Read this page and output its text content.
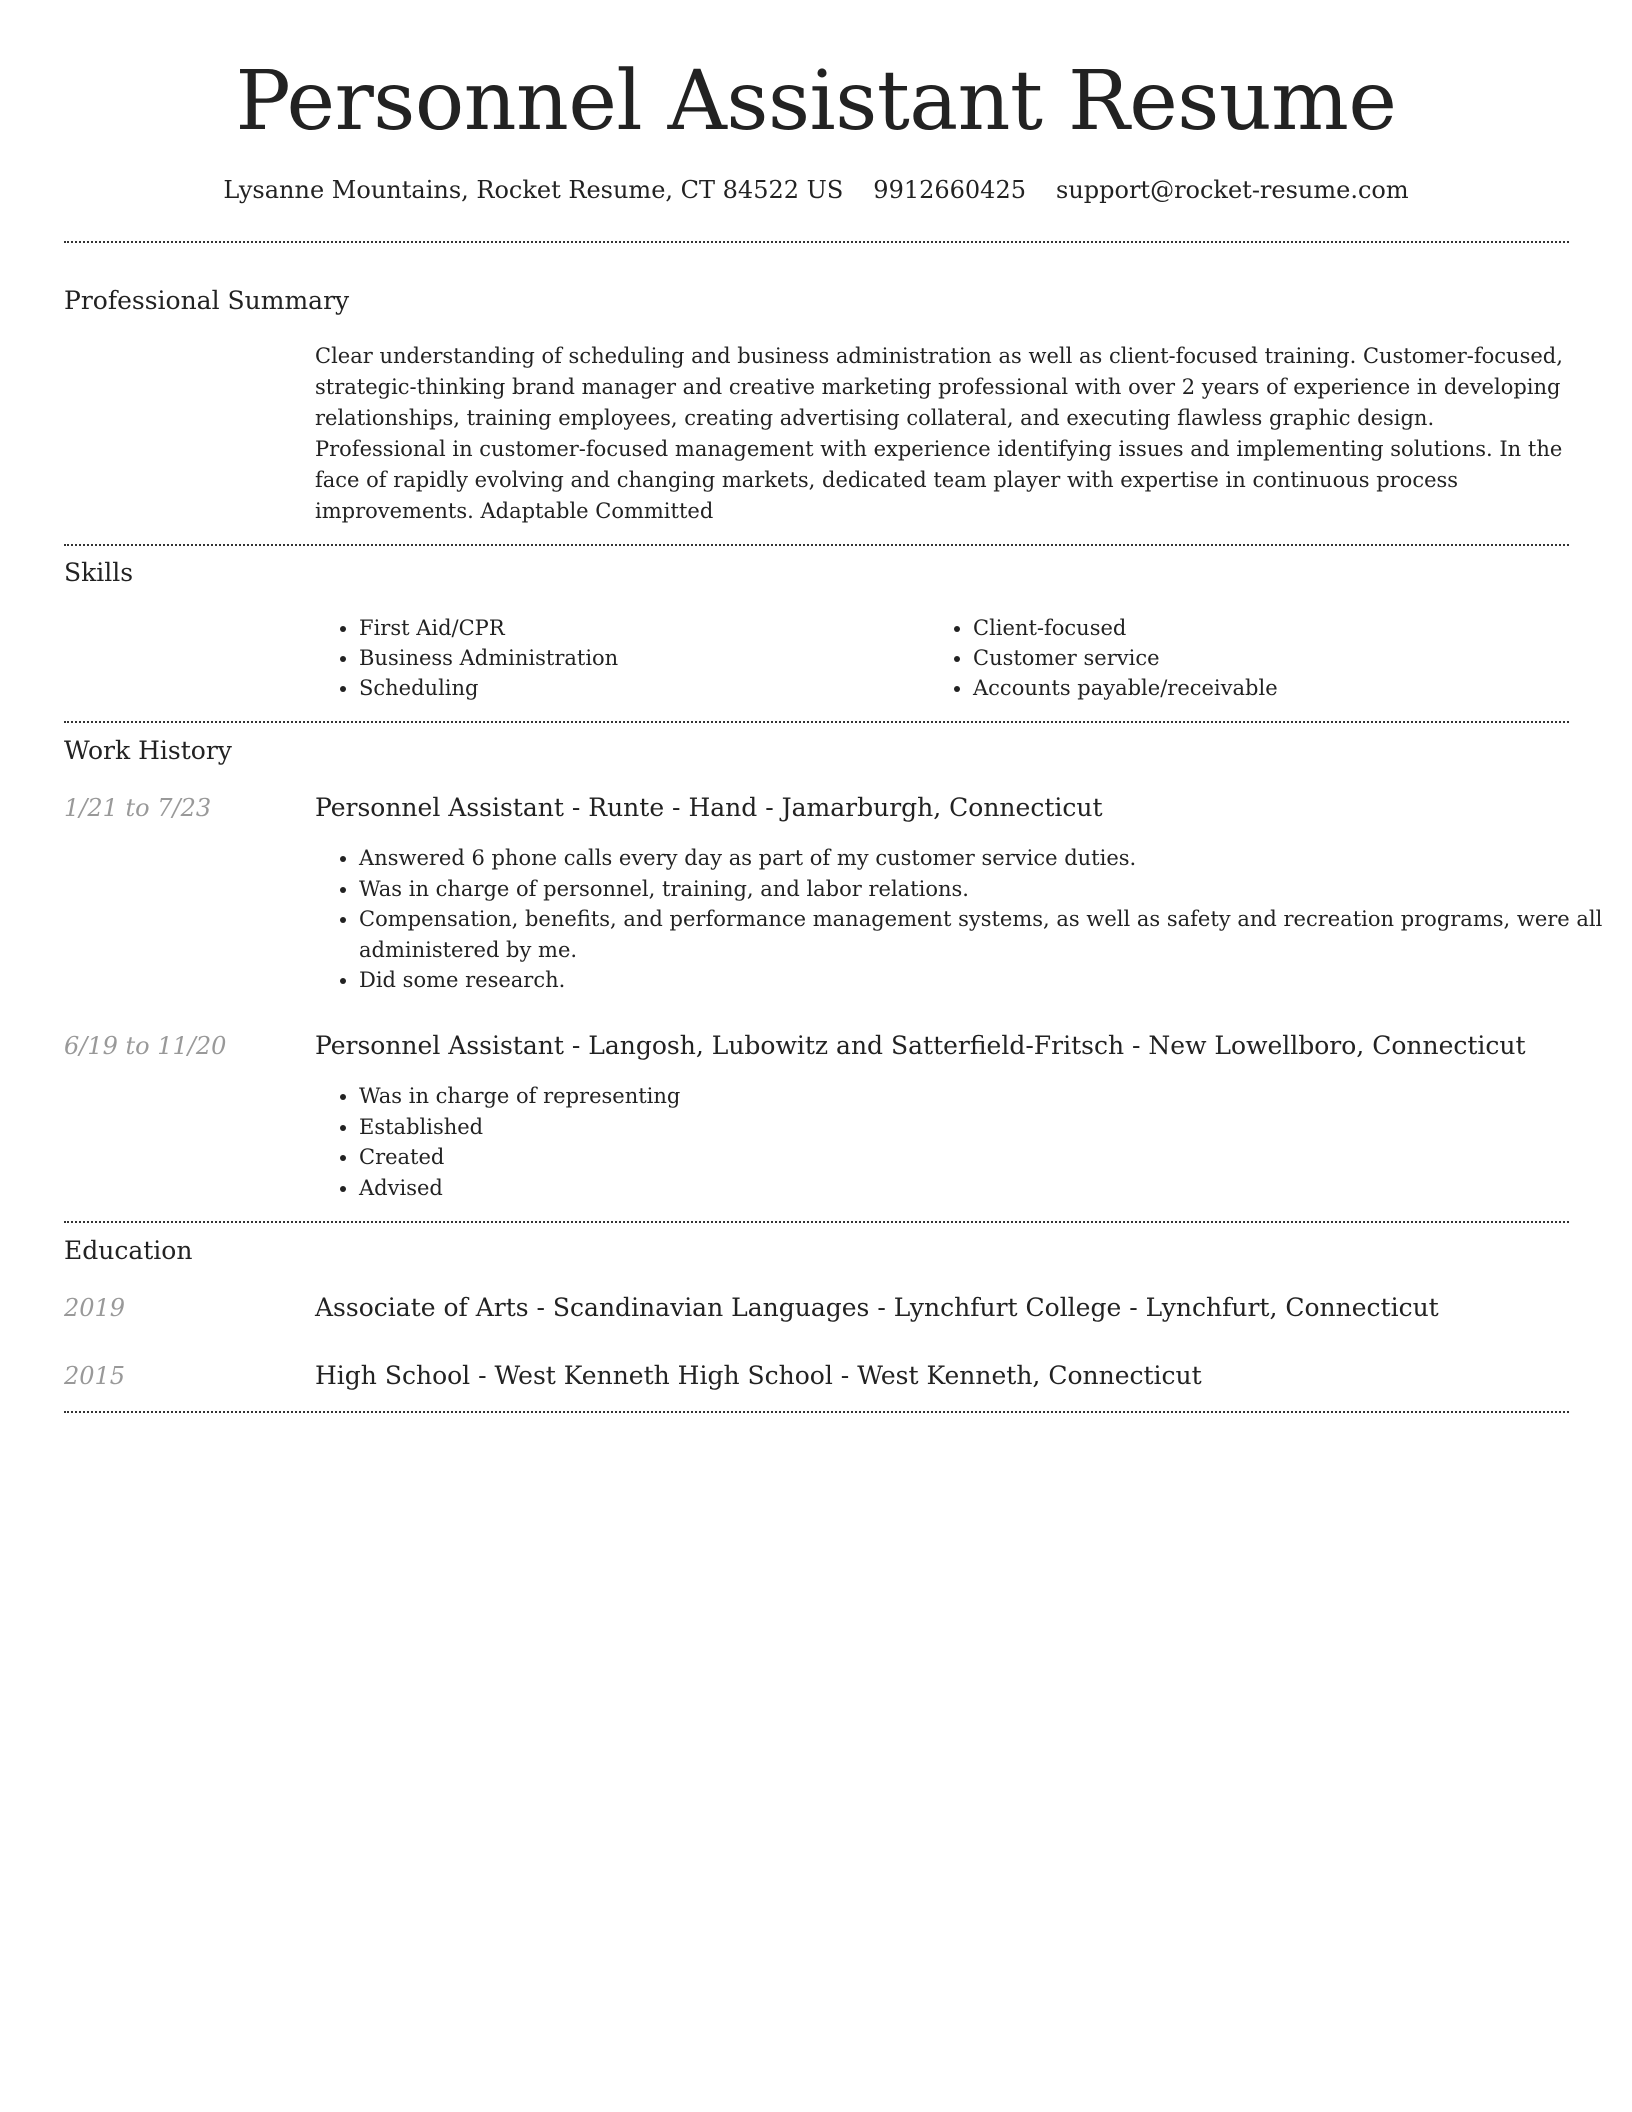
Personnel Assistant Resume
Lysanne Mountains, Rocket Resume, CT 84522 US 9912660425 support@rocket-resume.com
Professional Summary

Clear understanding of scheduling and business administration as well as client-focused training. Customer-focused, strategic-thinking brand manager and creative marketing professional with over 2 years of experience in developing relationships, training employees, creating advertising collateral, and executing flawless graphic design. Professional in customer-focused management with experience identifying issues and implementing solutions. In the face of rapidly evolving and changing markets, dedicated team player with expertise in continuous process improvements. Adaptable Committed

Skills
• First Aid/CPR
• Business Administration
• Scheduling
• Client-focused
• Customer service
• Accounts payable/receivable
Work History
1/21 to 7/23	Personnel Assistant - Runte - Hand - Jamarburgh, Connecticut
• Answered 6 phone calls every day as part of my customer service duties.
• Was in charge of personnel, training, and labor relations.
• Compensation, benefits, and performance management systems, as well as safety and recreation programs, were all administered by me.
• Did some research.
6/19 to 11/20	Personnel Assistant - Langosh, Lubowitz and Satterfield-Fritsch - New Lowellboro, Connecticut
• Was in charge of representing
• Established
• Created
• Advised
Education
2019	Associate of Arts - Scandinavian Languages - Lynchfurt College - Lynchfurt, Connecticut
2015	High School - West Kenneth High School - West Kenneth, Connecticut
